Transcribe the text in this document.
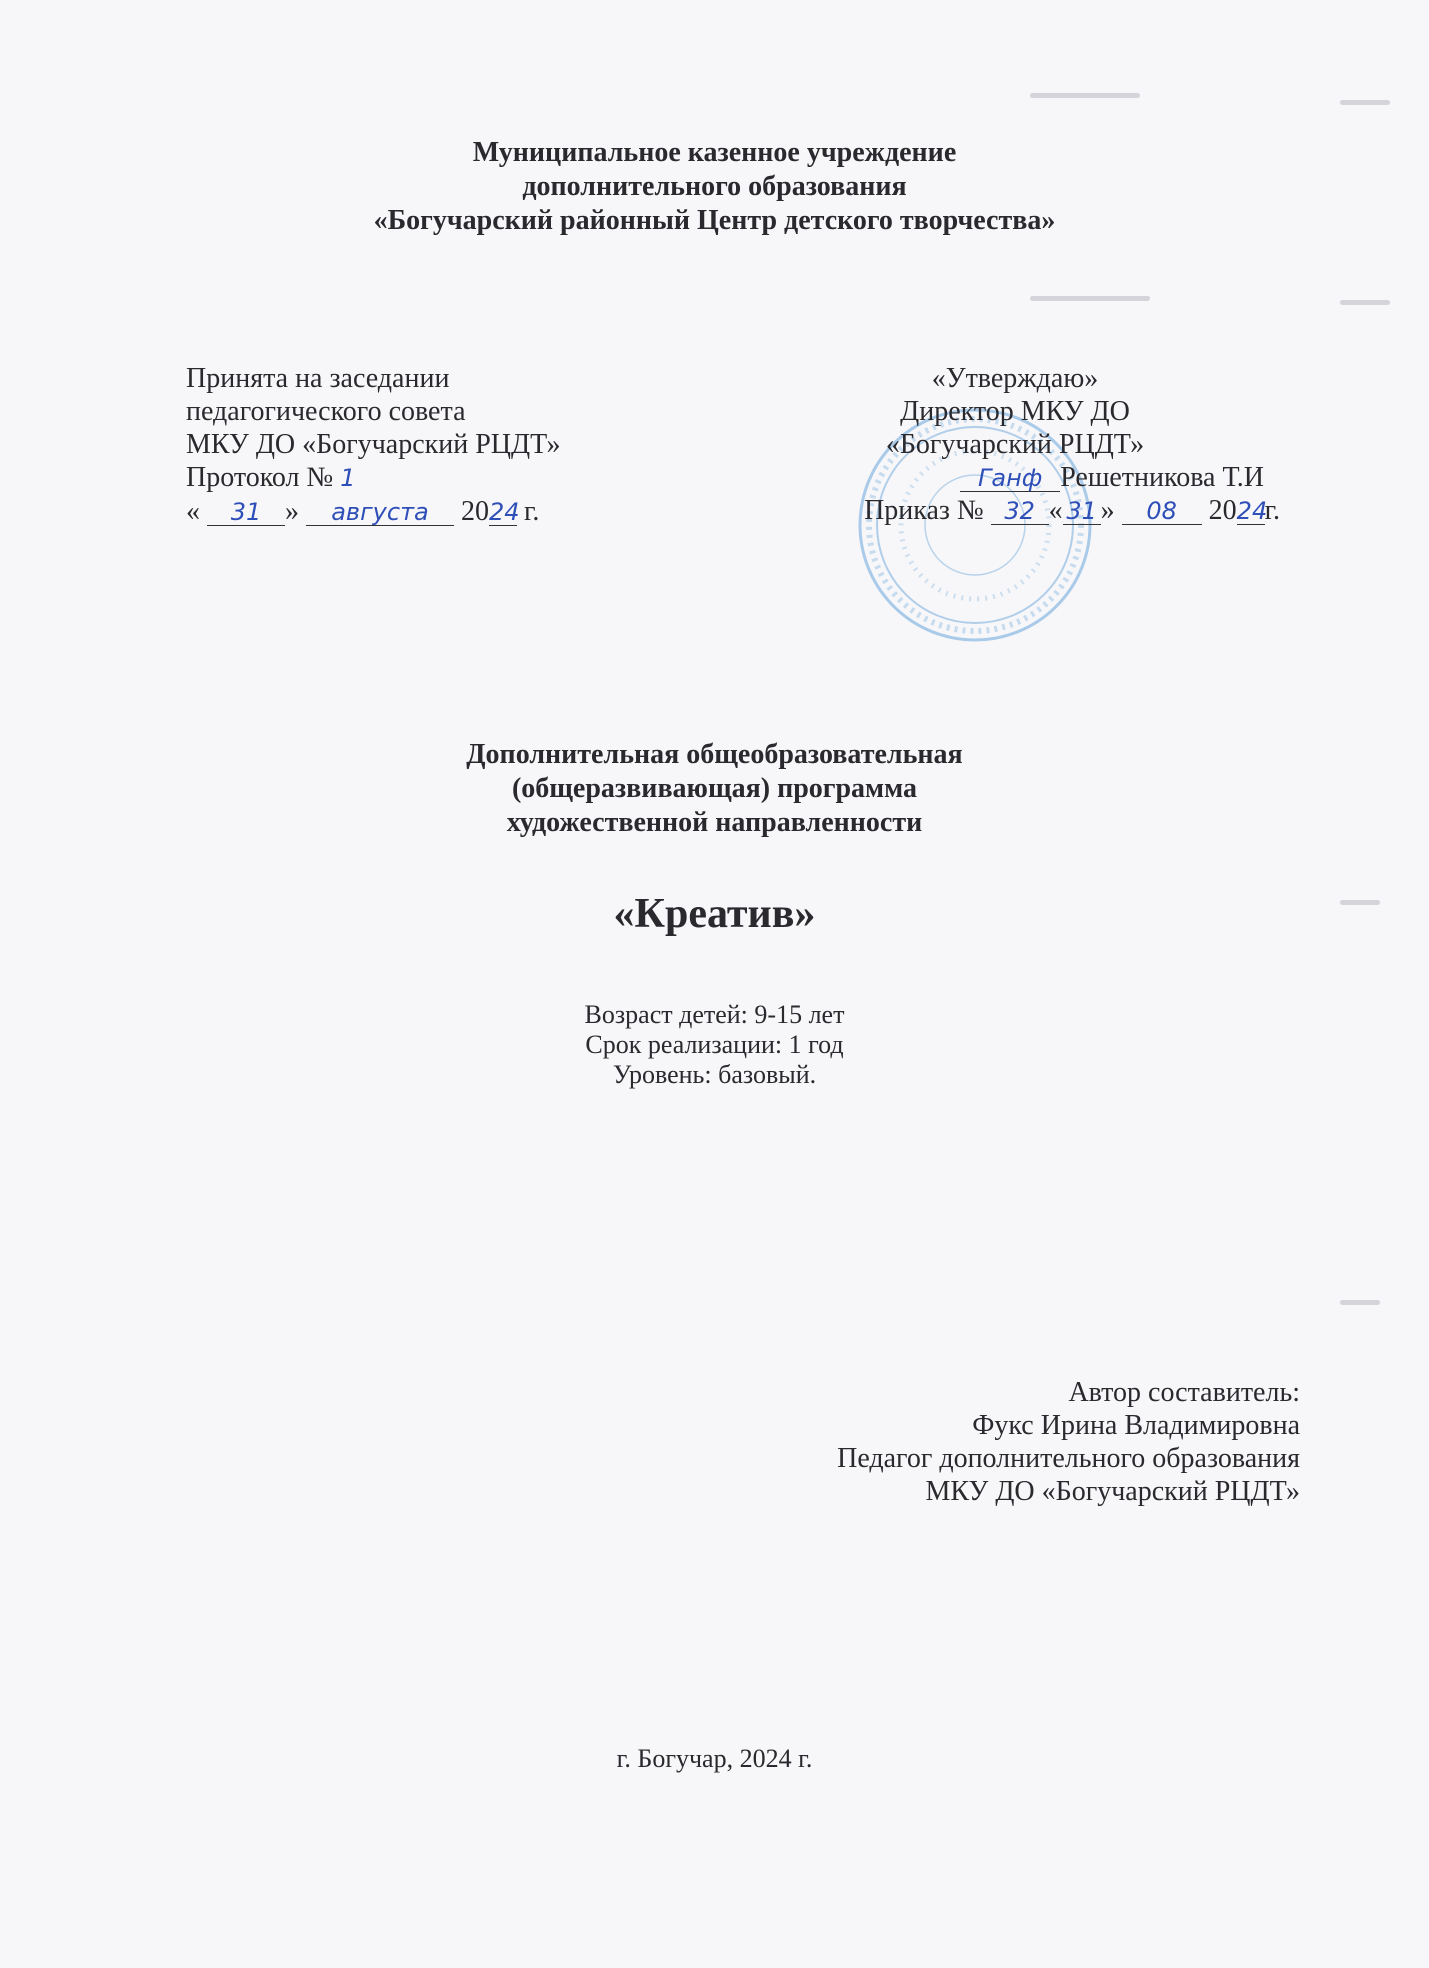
Муниципальное казенное учреждение
дополнительного образования
«Богучарский районный Центр детского творчества»
Принята на заседании
педагогического совета
МКУ ДО «Богучарский РЦДТ»
Протокол № 1
« 31 » августа 2024 г.
«Утверждаю»
Директор МКУ ДО
«Богучарский РЦДТ»
Ганф Решетникова Т.И
Приказ № 32 « 31 » 08 2024г.
Дополнительная общеобразовательная
(общеразвивающая) программа
художественной направленности
«Креатив»
Возраст детей: 9-15 лет
Срок реализации: 1 год
Уровень: базовый.
Автор составитель:
Фукс Ирина Владимировна
Педагог дополнительного образования
МКУ ДО «Богучарский РЦДТ»
г. Богучар, 2024 г.
